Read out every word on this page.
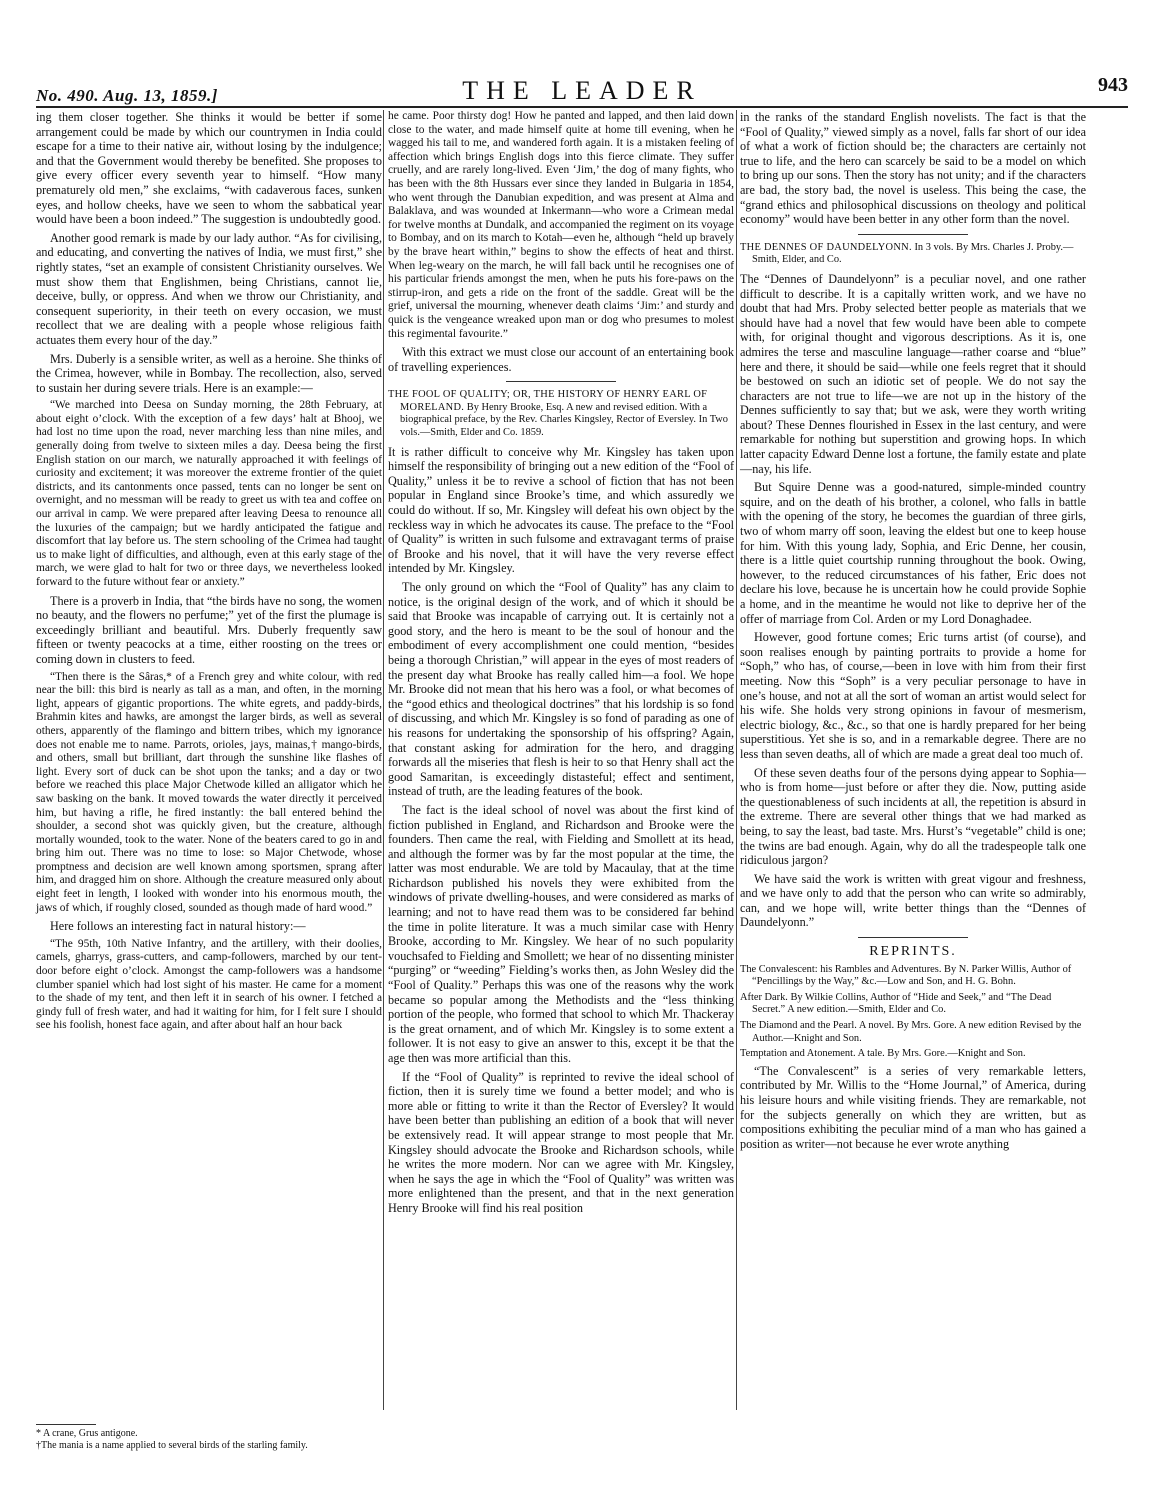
No. 490. Aug. 13, 1859.]	THE LEADER	943

ing them closer together. She thinks it would be better if some arrangement could be made by which our countrymen in India could escape for a time to their native air, without losing by the indulgence; and that the Government would thereby be benefited. She proposes to give every officer every seventh year to himself. “How many prematurely old men,” she exclaims, “with cadaverous faces, sunken eyes, and hollow cheeks, have we seen to whom the sabbatical year would have been a boon indeed.” The suggestion is undoubtedly good.

Another good remark is made by our lady author. “As for civilising, and educating, and converting the natives of India, we must first,” she rightly states, “set an example of consistent Christianity ourselves. We must show them that Englishmen, being Christians, cannot lie, deceive, bully, or oppress. And when we throw our Christianity, and consequent superiority, in their teeth on every occasion, we must recollect that we are dealing with a people whose religious faith actuates them every hour of the day.”

Mrs. Duberly is a sensible writer, as well as a heroine. She thinks of the Crimea, however, while in Bombay. The recollection, also, served to sustain her during severe trials. Here is an example:—

“We marched into Deesa on Sunday morning, the 28th February, at about eight o’clock. With the exception of a few days’ halt at Bhooj, we had lost no time upon the road, never marching less than nine miles, and generally doing from twelve to sixteen miles a day. Deesa being the first English station on our march, we naturally approached it with feelings of curiosity and excitement; it was moreover the extreme frontier of the quiet districts, and its cantonments once passed, tents can no longer be sent on overnight, and no messman will be ready to greet us with tea and coffee on our arrival in camp. We were prepared after leaving Deesa to renounce all the luxuries of the campaign; but we hardly anticipated the fatigue and discomfort that lay before us. The stern schooling of the Crimea had taught us to make light of difficulties, and although, even at this early stage of the march, we were glad to halt for two or three days, we nevertheless looked forward to the future without fear or anxiety.”

There is a proverb in India, that “the birds have no song, the women no beauty, and the flowers no perfume;” yet of the first the plumage is exceedingly brilliant and beautiful. Mrs. Duberly frequently saw fifteen or twenty peacocks at a time, either roosting on the trees or coming down in clusters to feed.

“Then there is the Sâras,* of a French grey and white colour, with red near the bill: this bird is nearly as tall as a man, and often, in the morning light, appears of gigantic proportions. The white egrets, and paddy-birds, Brahmin kites and hawks, are amongst the larger birds, as well as several others, apparently of the flamingo and bittern tribes, which my ignorance does not enable me to name. Parrots, orioles, jays, mainas,† mango-birds, and others, small but brilliant, dart through the sunshine like flashes of light. Every sort of duck can be shot upon the tanks; and a day or two before we reached this place Major Chetwode killed an alligator which he saw basking on the bank. It moved towards the water directly it perceived him, but having a rifle, he fired instantly: the ball entered behind the shoulder, a second shot was quickly given, but the creature, although mortally wounded, took to the water. None of the beaters cared to go in and bring him out. There was no time to lose: so Major Chetwode, whose promptness and decision are well known among sportsmen, sprang after him, and dragged him on shore. Although the creature measured only about eight feet in length, I looked with wonder into his enormous mouth, the jaws of which, if roughly closed, sounded as though made of hard wood.”

Here follows an interesting fact in natural history:—

“The 95th, 10th Native Infantry, and the artillery, with their doolies, camels, gharrys, grass-cutters, and camp-followers, marched by our tent-door before eight o’clock. Amongst the camp-followers was a handsome clumber spaniel which had lost sight of his master. He came for a moment to the shade of my tent, and then left it in search of his owner. I fetched a gindy full of fresh water, and had it waiting for him, for I felt sure I should see his foolish, honest face again, and after about half an hour back

* A crane, Grus antigone.
†The mania is a name applied to several birds of the starling family.

he came. Poor thirsty dog! How he panted and lapped, and then laid down close to the water, and made himself quite at home till evening, when he wagged his tail to me, and wandered forth again. It is a mistaken feeling of affection which brings English dogs into this fierce climate. They suffer cruelly, and are rarely long-lived. Even ‘Jim,’ the dog of many fights, who has been with the 8th Hussars ever since they landed in Bulgaria in 1854, who went through the Danubian expedition, and was present at Alma and Balaklava, and was wounded at Inkermann—who wore a Crimean medal for twelve months at Dundalk, and accompanied the regiment on its voyage to Bombay, and on its march to Kotah—even he, although “held up bravely by the brave heart within,” begins to show the effects of heat and thirst. When leg-weary on the march, he will fall back until he recognises one of his particular friends amongst the men, when he puts his fore-paws on the stirrup-iron, and gets a ride on the front of the saddle. Great will be the grief, universal the mourning, whenever death claims ‘Jim:’ and sturdy and quick is the vengeance wreaked upon man or dog who presumes to molest this regimental favourite.”

With this extract we must close our account of an entertaining book of travelling experiences.

THE FOOL OF QUALITY; OR, THE HISTORY OF HENRY EARL OF MORELAND. By Henry Brooke, Esq. A new and revised edition. With a biographical preface, by the Rev. Charles Kingsley, Rector of Eversley. In Two vols.—Smith, Elder and Co. 1859.

It is rather difficult to conceive why Mr. Kingsley has taken upon himself the responsibility of bringing out a new edition of the “Fool of Quality,” unless it be to revive a school of fiction that has not been popular in England since Brooke’s time, and which assuredly we could do without. If so, Mr. Kingsley will defeat his own object by the reckless way in which he advocates its cause. The preface to the “Fool of Quality” is written in such fulsome and extravagant terms of praise of Brooke and his novel, that it will have the very reverse effect intended by Mr. Kingsley.

The only ground on which the “Fool of Quality” has any claim to notice, is the original design of the work, and of which it should be said that Brooke was incapable of carrying out. It is certainly not a good story, and the hero is meant to be the soul of honour and the embodiment of every accomplishment one could mention, “besides being a thorough Christian,” will appear in the eyes of most readers of the present day what Brooke has really called him—a fool. We hope Mr. Brooke did not mean that his hero was a fool, or what becomes of the “good ethics and theological doctrines” that his lordship is so fond of discussing, and which Mr. Kingsley is so fond of parading as one of his reasons for undertaking the sponsorship of his offspring? Again, that constant asking for admiration for the hero, and dragging forwards all the miseries that flesh is heir to so that Henry shall act the good Samaritan, is exceedingly distasteful; effect and sentiment, instead of truth, are the leading features of the book.

The fact is the ideal school of novel was about the first kind of fiction published in England, and Richardson and Brooke were the founders. Then came the real, with Fielding and Smollett at its head, and although the former was by far the most popular at the time, the latter was most endurable. We are told by Macaulay, that at the time Richardson published his novels they were exhibited from the windows of private dwelling-houses, and were considered as marks of learning; and not to have read them was to be considered far behind the time in polite literature. It was a much similar case with Henry Brooke, according to Mr. Kingsley. We hear of no such popularity vouchsafed to Fielding and Smollett; we hear of no dissenting minister “purging” or “weeding” Fielding’s works then, as John Wesley did the “Fool of Quality.” Perhaps this was one of the reasons why the work became so popular among the Methodists and the “less thinking portion of the people, who formed that school to which Mr. Thackeray is the great ornament, and of which Mr. Kingsley is to some extent a follower. It is not easy to give an answer to this, except it be that the age then was more artificial than this.

If the “Fool of Quality” is reprinted to revive the ideal school of fiction, then it is surely time we found a better model; and who is more able or fitting to write it than the Rector of Eversley? It would have been better than publishing an edition of a book that will never be extensively read. It will appear strange to most people that Mr. Kingsley should advocate the Brooke and Richardson schools, while he writes the more modern. Nor can we agree with Mr. Kingsley, when he says the age in which the “Fool of Quality” was written was more enlightened than the present, and that in the next generation Henry Brooke will find his real position

in the ranks of the standard English novelists. The fact is that the “Fool of Quality,” viewed simply as a novel, falls far short of our idea of what a work of fiction should be; the characters are certainly not true to life, and the hero can scarcely be said to be a model on which to bring up our sons. Then the story has not unity; and if the characters are bad, the story bad, the novel is useless. This being the case, the “grand ethics and philosophical discussions on theology and political economy” would have been better in any other form than the novel.

THE DENNES OF DAUNDELYONN. In 3 vols. By Mrs. Charles J. Proby.—Smith, Elder, and Co.

The “Dennes of Daundelyonn” is a peculiar novel, and one rather difficult to describe. It is a capitally written work, and we have no doubt that had Mrs. Proby selected better people as materials that we should have had a novel that few would have been able to compete with, for original thought and vigorous descriptions. As it is, one admires the terse and masculine language—rather coarse and “blue” here and there, it should be said—while one feels regret that it should be bestowed on such an idiotic set of people. We do not say the characters are not true to life—we are not up in the history of the Dennes sufficiently to say that; but we ask, were they worth writing about? These Dennes flourished in Essex in the last century, and were remarkable for nothing but superstition and growing hops. In which latter capacity Edward Denne lost a fortune, the family estate and plate—nay, his life.

But Squire Denne was a good-natured, simple-minded country squire, and on the death of his brother, a colonel, who falls in battle with the opening of the story, he becomes the guardian of three girls, two of whom marry off soon, leaving the eldest but one to keep house for him. With this young lady, Sophia, and Eric Denne, her cousin, there is a little quiet courtship running throughout the book. Owing, however, to the reduced circumstances of his father, Eric does not declare his love, because he is uncertain how he could provide Sophie a home, and in the meantime he would not like to deprive her of the offer of marriage from Col. Arden or my Lord Donaghadee.

However, good fortune comes; Eric turns artist (of course), and soon realises enough by painting portraits to provide a home for “Soph,” who has, of course,—been in love with him from their first meeting. Now this “Soph” is a very peculiar personage to have in one’s house, and not at all the sort of woman an artist would select for his wife. She holds very strong opinions in favour of mesmerism, electric biology, &c., &c., so that one is hardly prepared for her being superstitious. Yet she is so, and in a remarkable degree. There are no less than seven deaths, all of which are made a great deal too much of.

Of these seven deaths four of the persons dying appear to Sophia—who is from home—just before or after they die. Now, putting aside the questionableness of such incidents at all, the repetition is absurd in the extreme. There are several other things that we had marked as being, to say the least, bad taste. Mrs. Hurst’s “vegetable” child is one; the twins are bad enough. Again, why do all the tradespeople talk one ridiculous jargon?

We have said the work is written with great vigour and freshness, and we have only to add that the person who can write so admirably, can, and we hope will, write better things than the “Dennes of Daundelyonn.”

REPRINTS.
The Convalescent: his Rambles and Adventures. By N. Parker Willis, Author of “Pencillings by the Way,” &c.—Low and Son, and H. G. Bohn.
After Dark. By Wilkie Collins, Author of “Hide and Seek,” and “The Dead Secret.” A new edition.—Smith, Elder and Co.
The Diamond and the Pearl. A novel. By Mrs. Gore. A new edition Revised by the Author.—Knight and Son.
Temptation and Atonement. A tale. By Mrs. Gore.—Knight and Son.

“The Convalescent” is a series of very remarkable letters, contributed by Mr. Willis to the “Home Journal,” of America, during his leisure hours and while visiting friends. They are remarkable, not for the subjects generally on which they are written, but as compositions exhibiting the peculiar mind of a man who has gained a position as writer—not because he ever wrote anything
